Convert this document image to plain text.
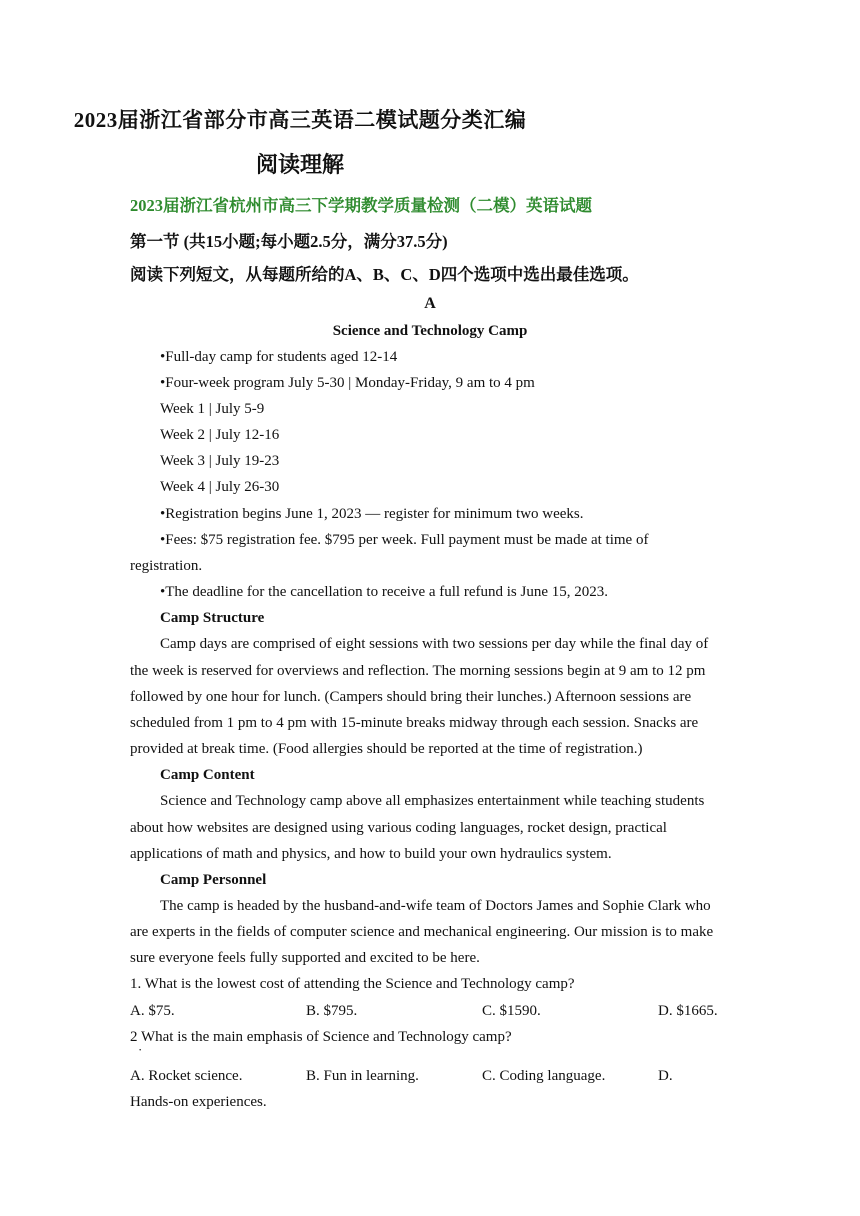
2023届浙江省部分市高三英语二模试题分类汇编
阅读理解
2023届浙江省杭州市高三下学期教学质量检测（二模）英语试题
第一节 (共15小题;每小题2.5分，满分37.5分)
阅读下列短文，从每题所给的A、B、C、D四个选项中选出最佳选项。
A
Science and Technology Camp
•Full-day camp for students aged 12-14
•Four-week program July 5-30 | Monday-Friday, 9 am to 4 pm
Week 1 | July 5-9
Week 2 | July 12-16
Week 3 | July 19-23
Week 4 | July 26-30
•Registration begins June 1, 2023 — register for minimum two weeks.
•Fees: $75 registration fee. $795 per week. Full payment must be made at time of
registration.
•The deadline for the cancellation to receive a full refund is June 15, 2023.
Camp Structure
Camp days are comprised of eight sessions with two sessions per day while the final day of
the week is reserved for overviews and reflection. The morning sessions begin at 9 am to 12 pm
followed by one hour for lunch. (Campers should bring their lunches.) Afternoon sessions are
scheduled from 1 pm to 4 pm with 15-minute breaks midway through each session. Snacks are
provided at break time. (Food allergies should be reported at the time of registration.)
Camp Content
Science and Technology camp above all emphasizes entertainment while teaching students
about how websites are designed using various coding languages, rocket design, practical
applications of math and physics, and how to build your own hydraulics system.
Camp Personnel
The camp is headed by the husband-and-wife team of Doctors James and Sophie Clark who
are experts in the fields of computer science and mechanical engineering. Our mission is to make
sure everyone feels fully supported and excited to be here.
1. What is the lowest cost of attending the Science and Technology camp?
A. $75.	B. $795.	C. $1590.	D. $1665.
2 What is the main emphasis of Science and Technology camp?
·
A. Rocket science.	B. Fun in learning.	C. Coding language.	D.
Hands-on experiences.
